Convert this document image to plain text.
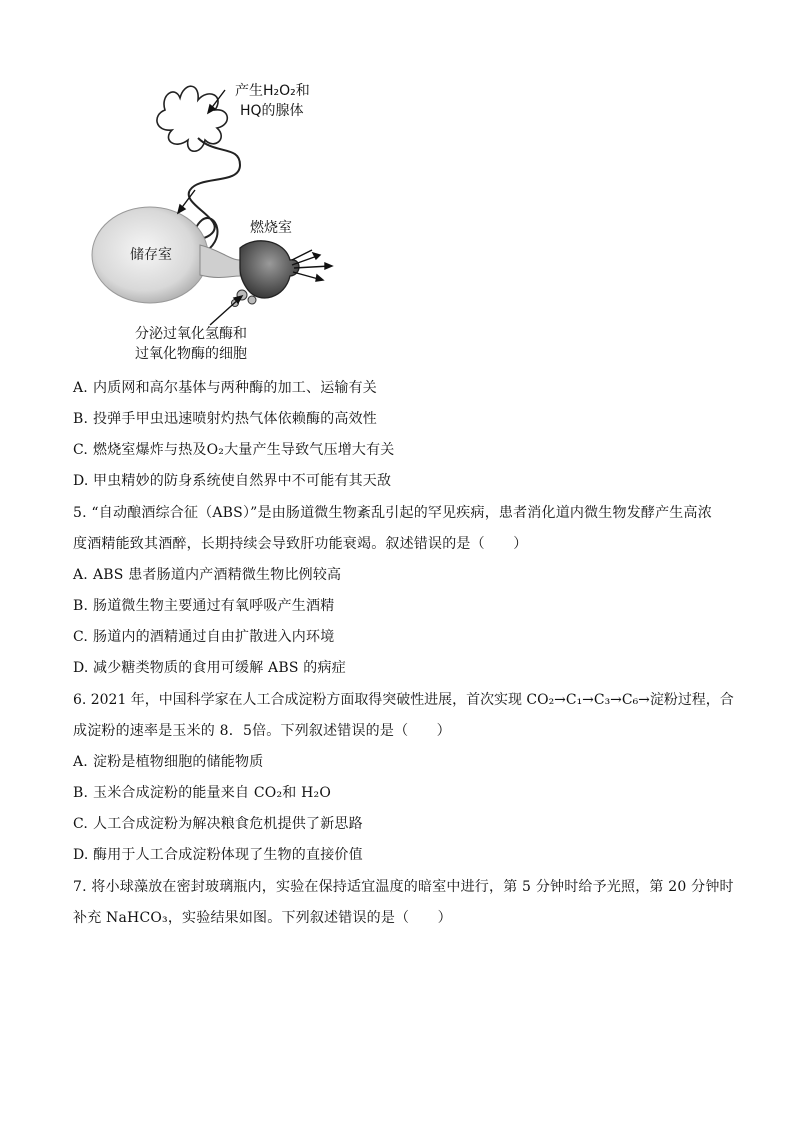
产生H₂O₂和
HQ的腺体
储存室
燃烧室
分泌过氧化氢酶和
过氧化物酶的细胞
A. 内质网和高尔基体与两种酶的加工、运输有关
B. 投弹手甲虫迅速喷射灼热气体依赖酶的高效性
C. 燃烧室爆炸与热及O₂大量产生导致气压增大有关
D. 甲虫精妙的防身系统使自然界中不可能有其天敌
5. “自动酿酒综合征（ABS）”是由肠道微生物紊乱引起的罕见疾病，患者消化道内微生物发酵产生高浓
度酒精能致其酒醉，长期持续会导致肝功能衰竭。叙述错误的是（　　）
A. ABS 患者肠道内产酒精微生物比例较高
B. 肠道微生物主要通过有氧呼吸产生酒精
C. 肠道内的酒精通过自由扩散进入内环境
D. 减少糖类物质的食用可缓解 ABS 的病症
6. 2021 年，中国科学家在人工合成淀粉方面取得突破性进展，首次实现 CO₂→C₁→C₃→C₆→淀粉过程，合
成淀粉的速率是玉米的 8．5倍。下列叙述错误的是（　　）
A. 淀粉是植物细胞的储能物质
B. 玉米合成淀粉的能量来自 CO₂和 H₂O
C. 人工合成淀粉为解决粮食危机提供了新思路
D. 酶用于人工合成淀粉体现了生物的直接价值
7. 将小球藻放在密封玻璃瓶内，实验在保持适宜温度的暗室中进行，第 5 分钟时给予光照，第 20 分钟时
补充 NaHCO₃，实验结果如图。下列叙述错误的是（　　）
